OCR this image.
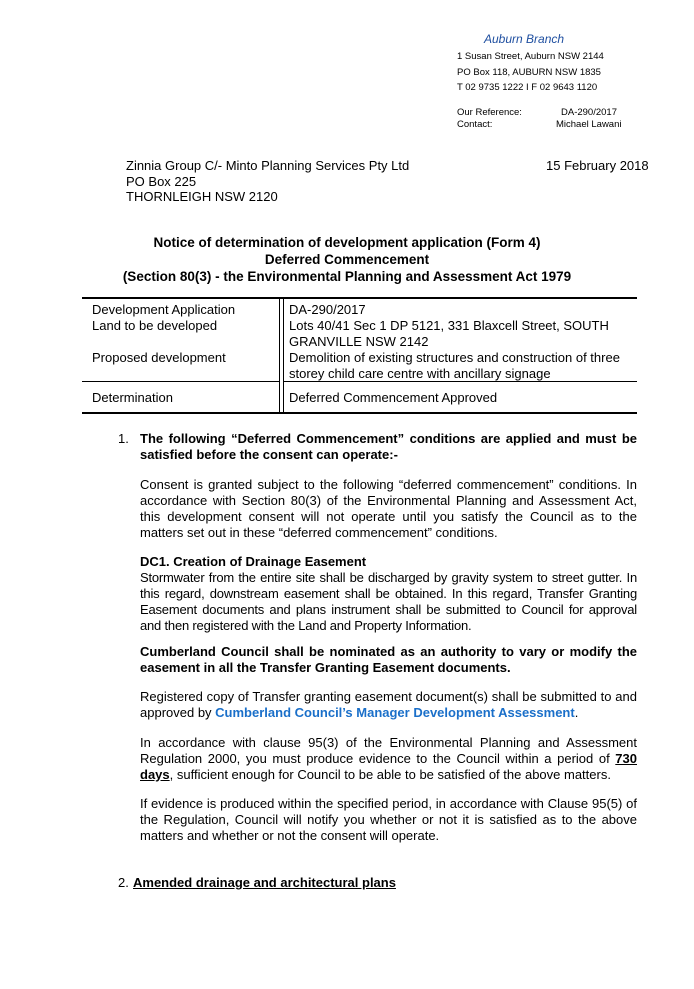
Auburn Branch
1 Susan Street, Auburn NSW 2144
PO Box 118, AUBURN NSW 1835
T 02 9735 1222 I F 02 9643 1120
Our Reference:	DA-290/2017
Contact:	Michael Lawani
Zinnia Group C/- Minto Planning Services Pty Ltd
PO Box 225
THORNLEIGH NSW 2120
15 February 2018
Notice of determination of development application (Form 4)
Deferred Commencement
(Section 80(3) - the Environmental Planning and Assessment Act 1979
Development Application	DA-290/2017
Land to be developed	Lots 40/41 Sec 1 DP 5121, 331 Blaxcell Street, SOUTH GRANVILLE NSW 2142
Proposed development	Demolition of existing structures and construction of three storey child care centre with ancillary signage
Determination	Deferred Commencement Approved
1. The following “Deferred Commencement” conditions are applied and must be satisfied before the consent can operate:-
Consent is granted subject to the following “deferred commencement” conditions. In accordance with Section 80(3) of the Environmental Planning and Assessment Act, this development consent will not operate until you satisfy the Council as to the matters set out in these “deferred commencement” conditions.
DC1. Creation of Drainage Easement
Stormwater from the entire site shall be discharged by gravity system to street gutter. In this regard, downstream easement shall be obtained. In this regard, Transfer Granting Easement documents and plans instrument shall be submitted to Council for approval and then registered with the Land and Property Information.
Cumberland Council shall be nominated as an authority to vary or modify the easement in all the Transfer Granting Easement documents.
Registered copy of Transfer granting easement document(s) shall be submitted to and approved by Cumberland Council’s Manager Development Assessment.
In accordance with clause 95(3) of the Environmental Planning and Assessment Regulation 2000, you must produce evidence to the Council within a period of 730 days, sufficient enough for Council to be able to be satisfied of the above matters.
If evidence is produced within the specified period, in accordance with Clause 95(5) of the Regulation, Council will notify you whether or not it is satisfied as to the above matters and whether or not the consent will operate.
2. Amended drainage and architectural plans
